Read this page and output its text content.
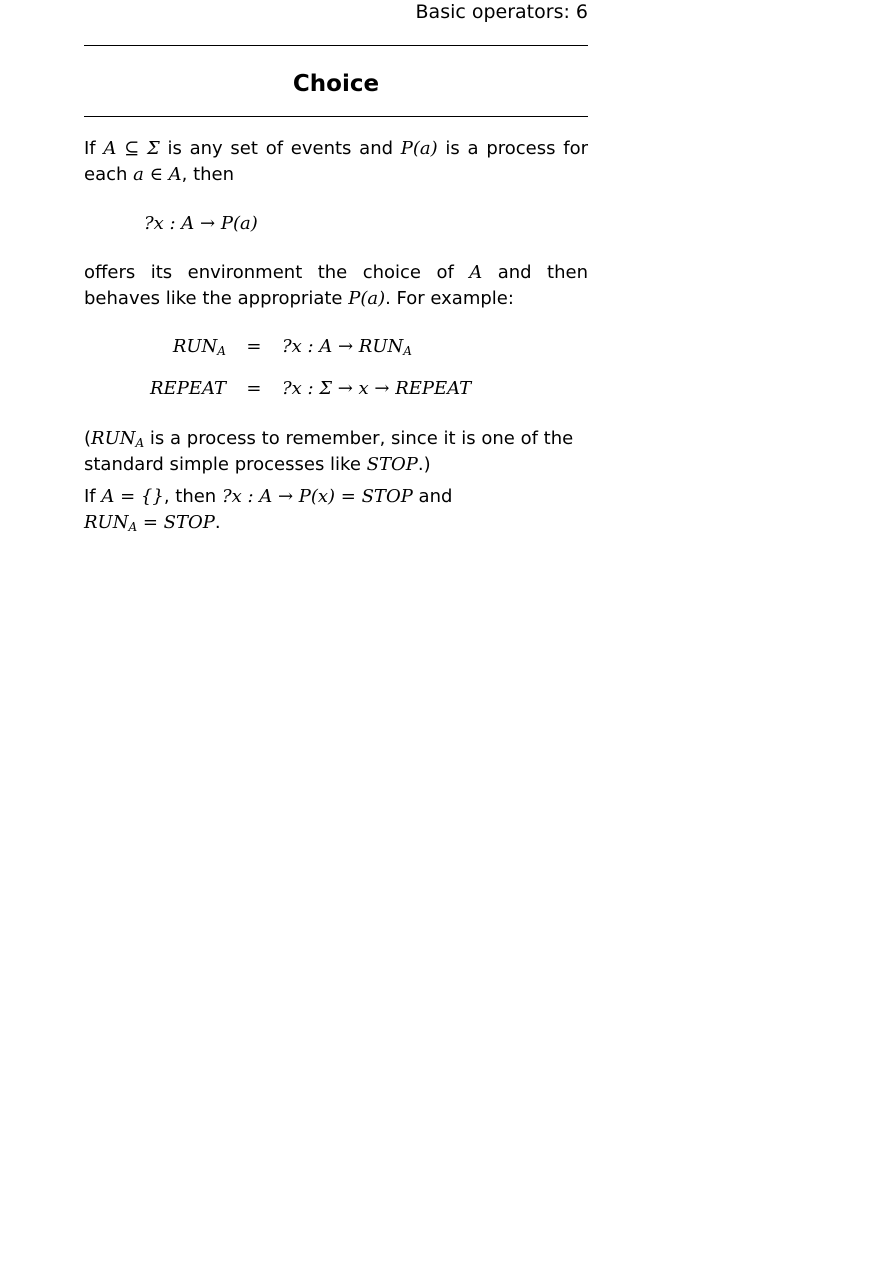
Basic operators: 6
Choice

If A ⊆ Σ is any set of events and P(a) is a process for each a ∈ A, then

?x : A → P(a)

offers its environment the choice of A and then behaves like the appropriate P(a). For example:

$RUN_A$	=	?x : $A \to RUN_A$
REPEAT	=	?x : Σ → x → REPEAT

($RUN_A$ is a process to remember, since it is one of the standard simple processes like STOP.)

If A = {}, then ?x : A → P(x) = STOP and
$RUN_A$ = STOP.
